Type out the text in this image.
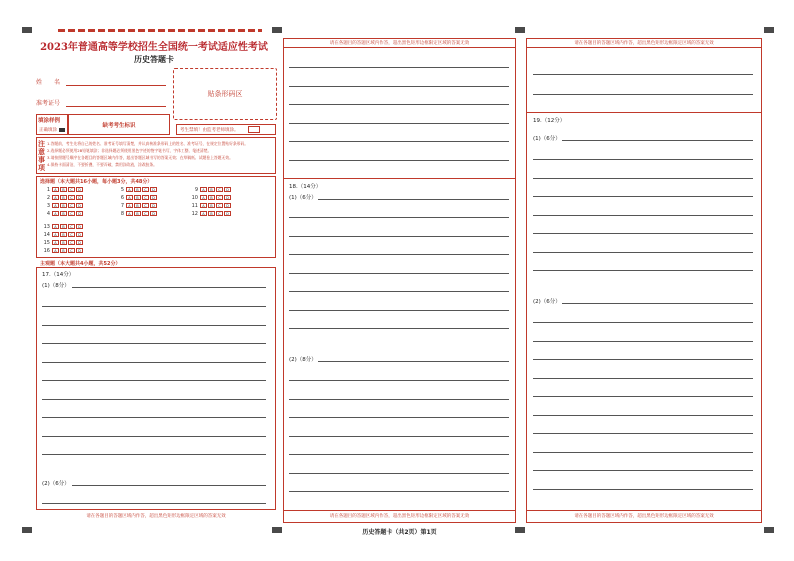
2023年普通高等学校招生全国统一考试适应性考试
历史答题卡
姓　　名
准考证号
贴条形码区
填涂样例
正确填涂
缺考考生标识
考生禁填！由监考老师填涂。
注
意
事
项
1.答题前，考生先将自己的姓名、准考证号填写清楚，并认真核准条形码上的姓名、准考证号，在规定位置贴好条形码。
2.选择题必须使用2B铅笔填涂；非选择题必须使用黑色字迹的签字笔书写，字体工整、笔迹清楚。
3.请按照题号顺序在各题目的答题区域内作答，超出答题区域书写的答案无效；在草稿纸、试题卷上答题无效。
4.保持卡面清洁，不要折叠，不要弄破，禁用涂改液，涂改胶条。
选择题（本大题共16小题，每小题3分，共48分）
1 A B C D
2 A B C D
3 A B C D
4 A B C D
5 A B C D
6 A B C D
7 A B C D
8 A B C D
9 A B C D
10 A B C D
11 A B C D
12 A B C D
13 A B C D
14 A B C D
15 A B C D
16 A B C D
主观题（本大题共4小题，共52分）
17.（14分）
(1)（8分）
(2)（6分）
请在各题目的答题区域内作答，超出黑色矩形边框限定区域的答案无效
请在各题目的答题区域内作答，超出黑色矩形边框限定区域的答案无效
18.（14分）
(1)（6分）
(2)（8分）
请在各题目的答题区域内作答，超出黑色矩形边框限定区域的答案无效
请在各题目的答题区域内作答，超出黑色矩形边框限定区域的答案无效
19.（12分）
(1)（6分）
(2)（6分）
请在各题目的答题区域内作答，超出黑色矩形边框限定区域的答案无效
历史答题卡（共2页）第1页
